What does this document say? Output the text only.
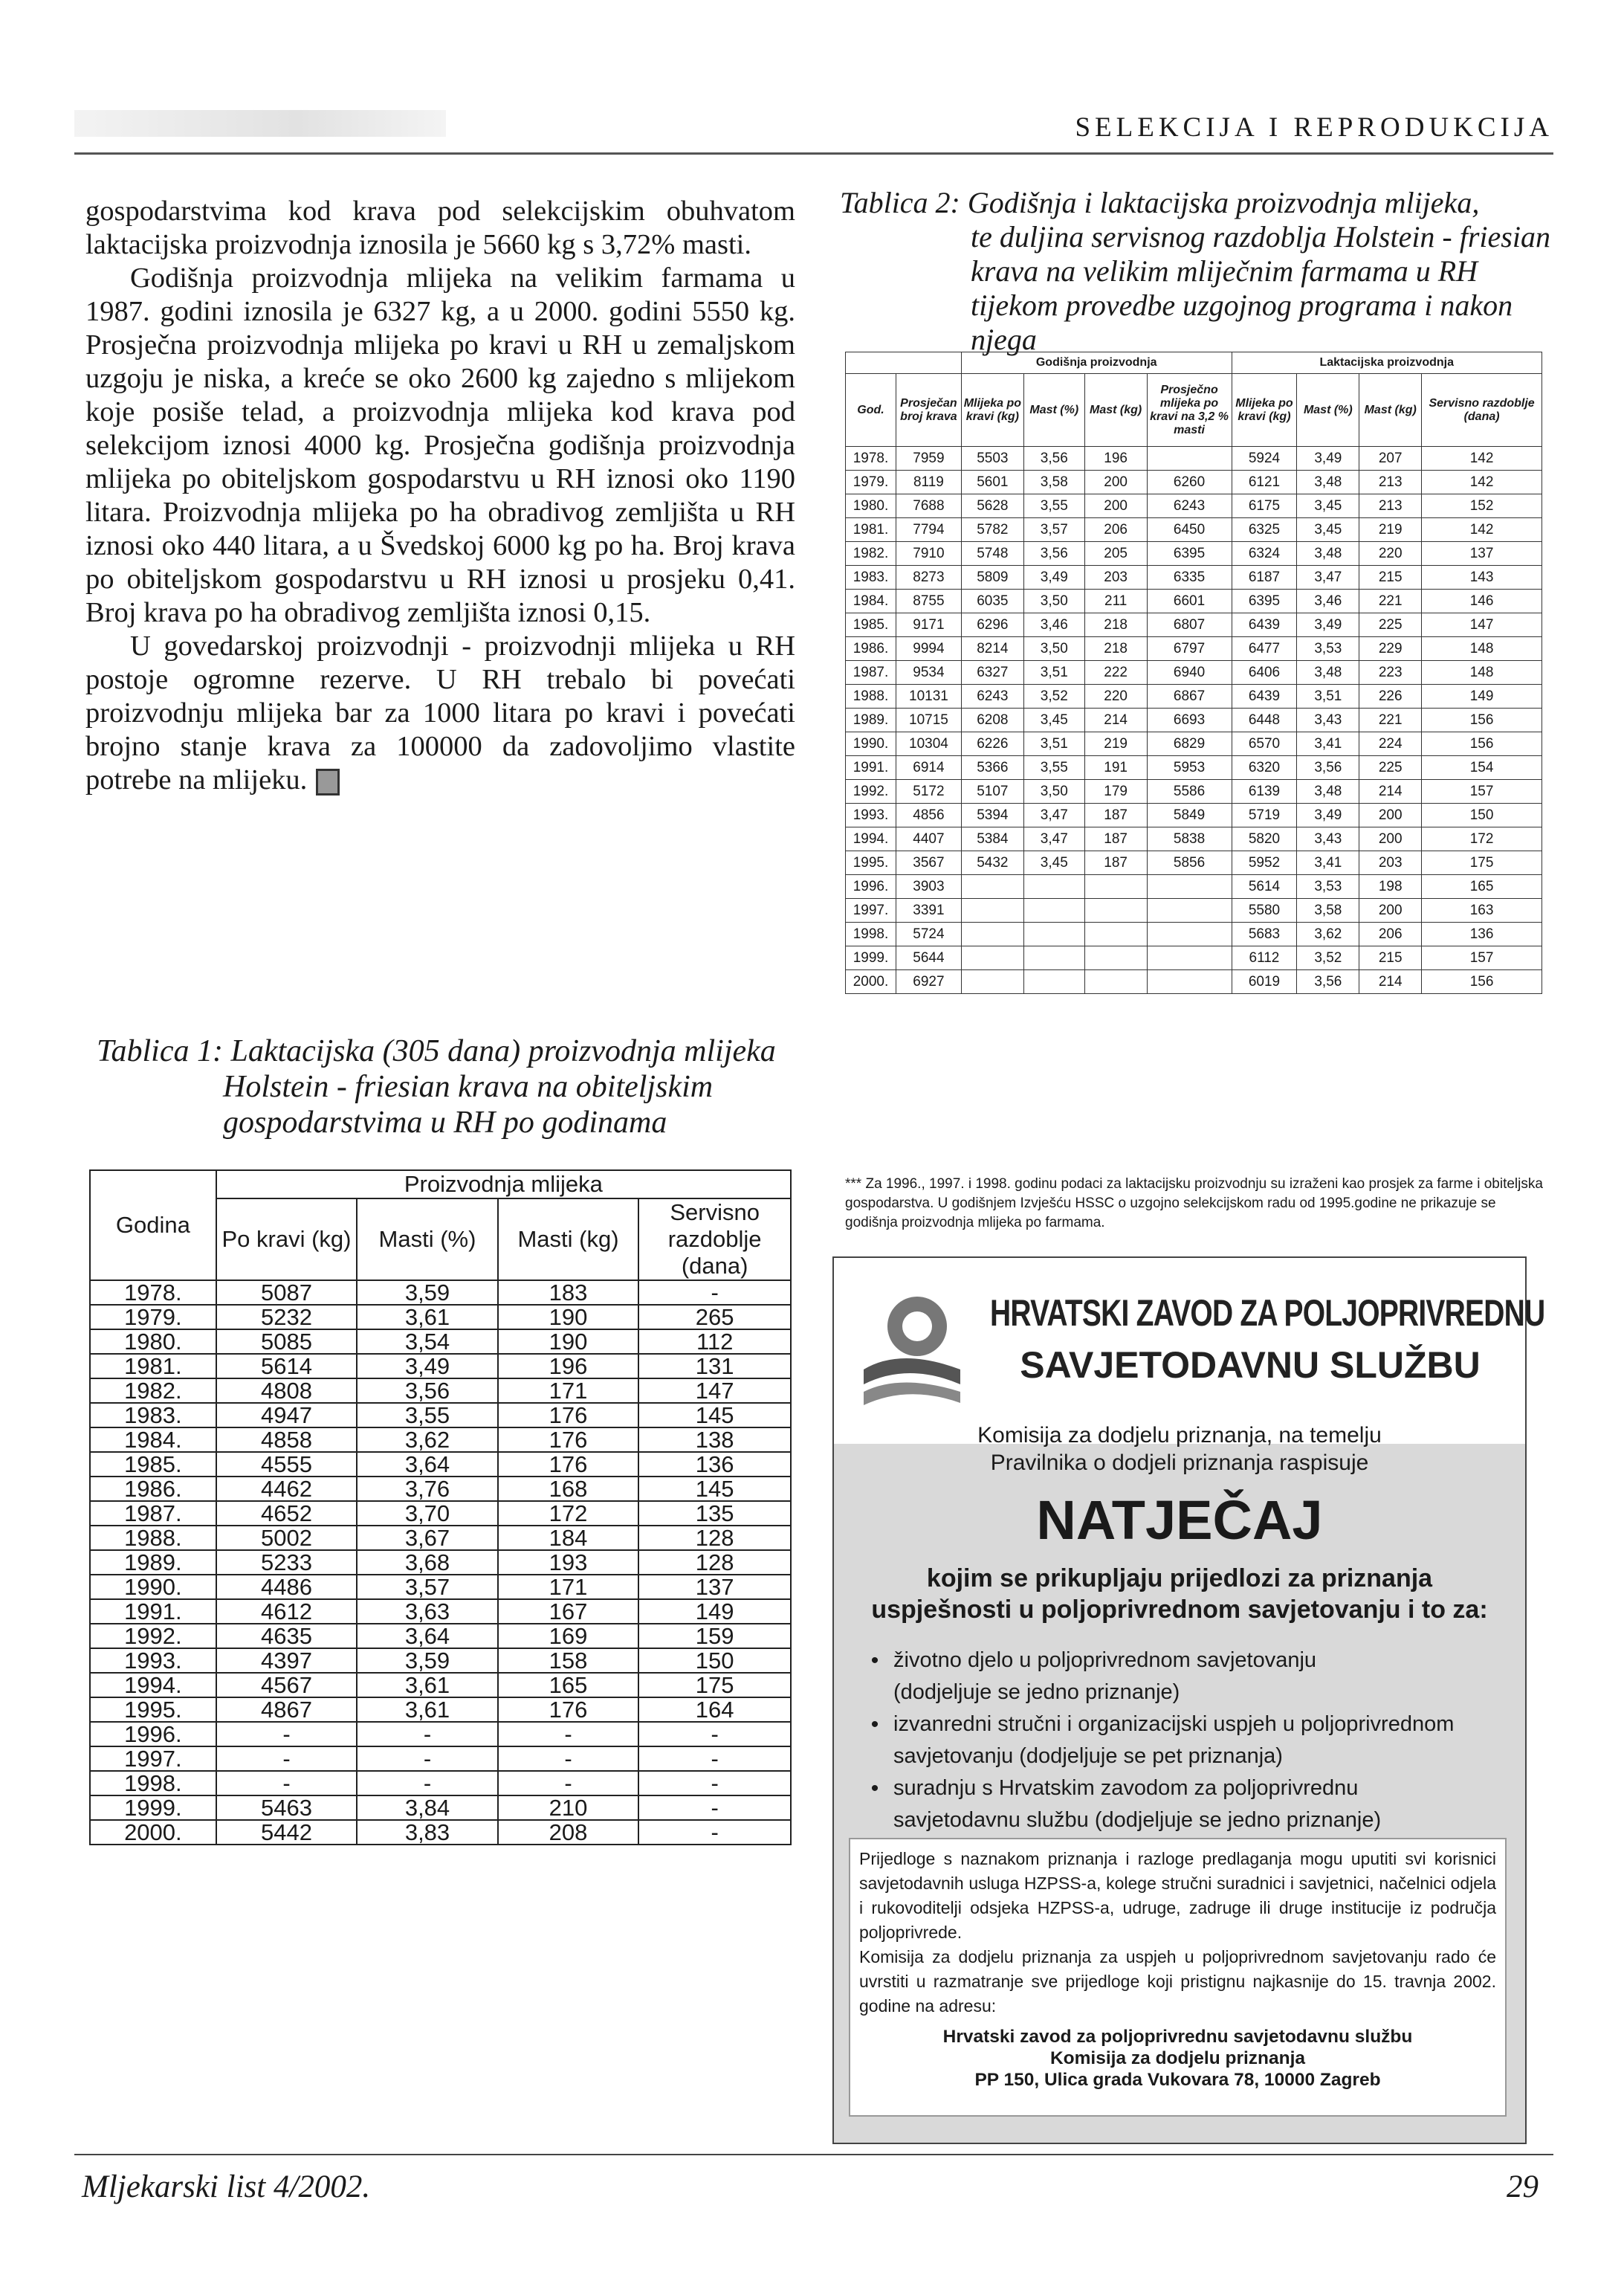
SELEKCIJA I REPRODUKCIJA

gospodarstvima kod krava pod selekcijskim obuhvatom laktacijska proizvodnja iznosila je 5660 kg s 3,72% masti.

Godišnja proizvodnja mlijeka na velikim farmama u 1987. godini iznosila je 6327 kg, a u 2000. godini 5550 kg. Prosječna proizvodnja mlijeka po kravi u RH u zemaljskom uzgoju je niska, a kreće se oko 2600 kg zajedno s mlijekom koje posiše telad, a proizvodnja mlijeka kod krava pod selekcijom iznosi 4000 kg. Prosječna godišnja proizvodnja mlijeka po obiteljskom gospodarstvu u RH iznosi oko 1190 litara. Proizvodnja mlijeka po ha obradivog zemljišta u RH iznosi oko 440 litara, a u Švedskoj 6000 kg po ha. Broj krava po obiteljskom gospodarstvu u RH iznosi u prosjeku 0,41. Broj krava po ha obradivog zemljišta iznosi 0,15.

U govedarskoj proizvodnji - proizvodnji mlijeka u RH postoje ogromne rezerve. U RH trebalo bi povećati proizvodnju mlijeka bar za 1000 litara po kravi i povećati brojno stanje krava za 100000 da zadovoljimo vlastite potrebe na mlijeku.

Tablica 1: Laktacijska (305 dana) proizvodnja mlijeka
Holstein - friesian krava na obiteljskim
gospodarstvima u RH po godinama
Godina	Proizvodnja mlijeka			
	Po kravi (kg)	Masti (%)	Masti (kg)	Servisno razdoblje (dana)
1978.	5087	3,59	183	-
1979.	5232	3,61	190	265
1980.	5085	3,54	190	112
1981.	5614	3,49	196	131
1982.	4808	3,56	171	147
1983.	4947	3,55	176	145
1984.	4858	3,62	176	138
1985.	4555	3,64	176	136
1986.	4462	3,76	168	145
1987.	4652	3,70	172	135
1988.	5002	3,67	184	128
1989.	5233	3,68	193	128
1990.	4486	3,57	171	137
1991.	4612	3,63	167	149
1992.	4635	3,64	169	159
1993.	4397	3,59	158	150
1994.	4567	3,61	165	175
1995.	4867	3,61	176	164
1996.	-	-	-	-
1997.	-	-	-	-
1998.	-	-	-	-
1999.	5463	3,84	210	-
2000.	5442	3,83	208	-
Tablica 2: Godišnja i laktacijska proizvodnja mlijeka,
te duljina servisnog razdoblja Holstein - friesian
krava na velikim mliječnim farmama u RH
tijekom provedbe uzgojnog programa i nakon njega
		Godišnja proizvodnja				Laktacijska proizvodnja			
God.	Prosječan broj krava	Mlijeka po kravi (kg)	Mast (%)	Mast (kg)	Prosječno mlijeka po kravi na 3,2 % masti	Mlijeka po kravi (kg)	Mast (%)	Mast (kg)	Servisno razdoblje (dana)
1978.	7959	5503	3,56	196		5924	3,49	207	142
1979.	8119	5601	3,58	200	6260	6121	3,48	213	142
1980.	7688	5628	3,55	200	6243	6175	3,45	213	152
1981.	7794	5782	3,57	206	6450	6325	3,45	219	142
1982.	7910	5748	3,56	205	6395	6324	3,48	220	137
1983.	8273	5809	3,49	203	6335	6187	3,47	215	143
1984.	8755	6035	3,50	211	6601	6395	3,46	221	146
1985.	9171	6296	3,46	218	6807	6439	3,49	225	147
1986.	9994	8214	3,50	218	6797	6477	3,53	229	148
1987.	9534	6327	3,51	222	6940	6406	3,48	223	148
1988.	10131	6243	3,52	220	6867	6439	3,51	226	149
1989.	10715	6208	3,45	214	6693	6448	3,43	221	156
1990.	10304	6226	3,51	219	6829	6570	3,41	224	156
1991.	6914	5366	3,55	191	5953	6320	3,56	225	154
1992.	5172	5107	3,50	179	5586	6139	3,48	214	157
1993.	4856	5394	3,47	187	5849	5719	3,49	200	150
1994.	4407	5384	3,47	187	5838	5820	3,43	200	172
1995.	3567	5432	3,45	187	5856	5952	3,41	203	175
1996.	3903					5614	3,53	198	165
1997.	3391					5580	3,58	200	163
1998.	5724					5683	3,62	206	136
1999.	5644					6112	3,52	215	157
2000.	6927					6019	3,56	214	156
*** Za 1996., 1997. i 1998. godinu podaci za laktacijsku proizvodnju su izraženi kao prosjek za farme i obiteljska gospodarstva. U godišnjem Izvješću HSSC o uzgojno selekcijskom radu od 1995.godine ne prikazuje se godišnja proizvodnja mlijeka po farmama.
HRVATSKI ZAVOD ZA POLJOPRIVREDNU
SAVJETODAVNU SLUŽBU
Komisija za dodjelu priznanja, na temelju
Pravilnika o dodjeli priznanja raspisuje
NATJEČAJ
kojim se prikupljaju prijedlozi za priznanja
uspješnosti u poljoprivrednom savjetovanju i to za:
• životno djelo u poljoprivrednom savjetovanju
(dodjeljuje se jedno priznanje)
• izvanredni stručni i organizacijski uspjeh u poljoprivrednom
savjetovanju (dodjeljuje se pet priznanja)
• suradnju s Hrvatskim zavodom za poljoprivrednu
savjetodavnu službu (dodjeljuje se jedno priznanje)

Prijedloge s naznakom priznanja i razloge predlaganja mogu uputiti svi korisnici savjetodavnih usluga HZPSS-a, kolege stručni suradnici i savjetnici, načelnici odjela i rukovoditelji odsjeka HZPSS-a, udruge, zadruge ili druge institucije iz područja poljoprivrede.

Komisija za dodjelu priznanja za uspjeh u poljoprivrednom savjetovanju rado će uvrstiti u razmatranje sve prijedloge koji pristignu najkasnije do 15. travnja 2002. godine na adresu:

Hrvatski zavod za poljoprivrednu savjetodavnu službu
Komisija za dodjelu priznanja
PP 150, Ulica grada Vukovara 78, 10000 Zagreb
Mljekarski list 4/2002.	29
